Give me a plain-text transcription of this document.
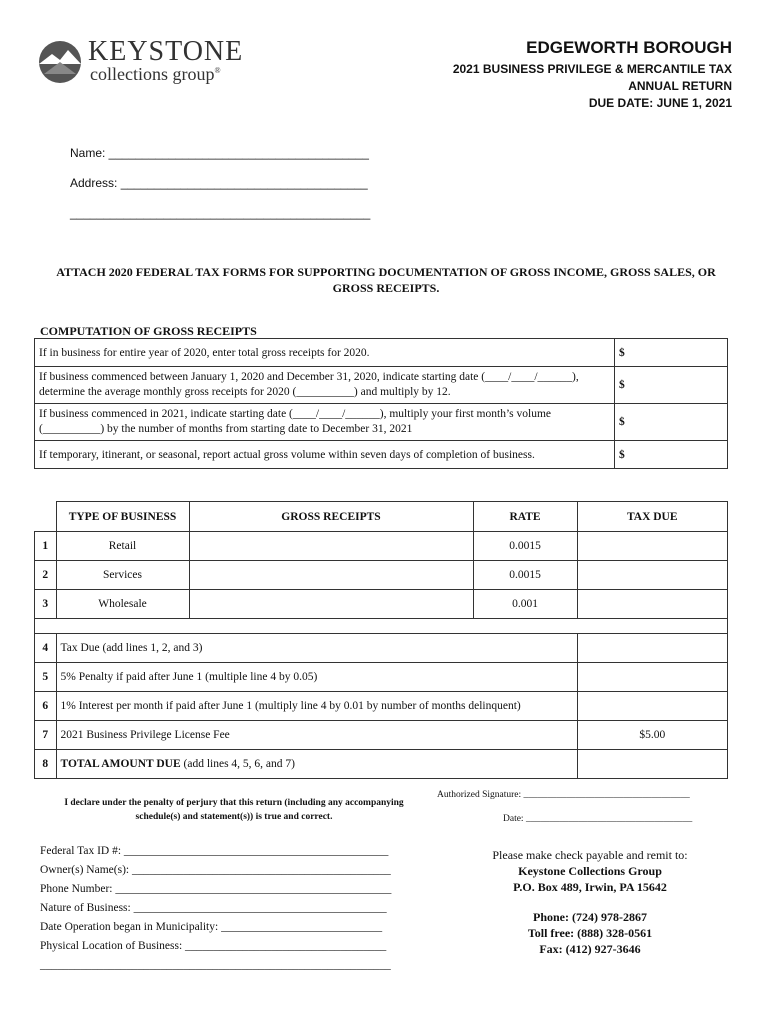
KEYSTONE
collections group®
EDGEWORTH BOROUGH
2021 BUSINESS PRIVILEGE & MERCANTILE TAX
ANNUAL RETURN
DUE DATE: JUNE 1, 2021
Name: _______________________________________
Address: _____________________________________
_____________________________________________
ATTACH 2020 FEDERAL TAX FORMS FOR SUPPORTING DOCUMENTATION OF GROSS INCOME, GROSS SALES, OR GROSS RECEIPTS.
COMPUTATION OF GROSS RECEIPTS
If in business for entire year of 2020, enter total gross receipts for 2020.	$
If business commenced between January 1, 2020 and December 31, 2020, indicate starting date (____/____/______), determine the average monthly gross receipts for 2020 (__________) and multiply by 12.	$
If business commenced in 2021, indicate starting date (____/____/______), multiply your first month’s volume (__________) by the number of months from starting date to December 31, 2021	$
If temporary, itinerant, or seasonal, report actual gross volume within seven days of completion of business.	$
	TYPE OF BUSINESS	GROSS RECEIPTS	RATE	TAX DUE
1	Retail		0.0015	
2	Services		0.0015	
3	Wholesale		0.001	

4	Tax Due (add lines 1, 2, and 3)			
5	5% Penalty if paid after June 1 (multiple line 4 by 0.05)			
6	1% Interest per month if paid after June 1 (multiply line 4 by 0.01 by number of months delinquent)			
7	2021 Business Privilege License Fee			$5.00
8	TOTAL AMOUNT DUE (add lines 4, 5, 6, and 7)			
I declare under the penalty of perjury that this return (including any accompanying schedule(s) and statement(s)) is true and correct.
Authorized Signature: ___________________________________
Date: ___________________________________
Federal Tax ID #: ______________________________________________
Owner(s) Name(s): _____________________________________________
Phone Number: ________________________________________________
Nature of Business: ____________________________________________
Date Operation began in Municipality: ____________________________
Physical Location of Business: ___________________________________
_____________________________________________________________
Please make check payable and remit to:
Keystone Collections Group
P.O. Box 489, Irwin, PA 15642
Phone: (724) 978-2867
Toll free: (888) 328-0561
Fax: (412) 927-3646
